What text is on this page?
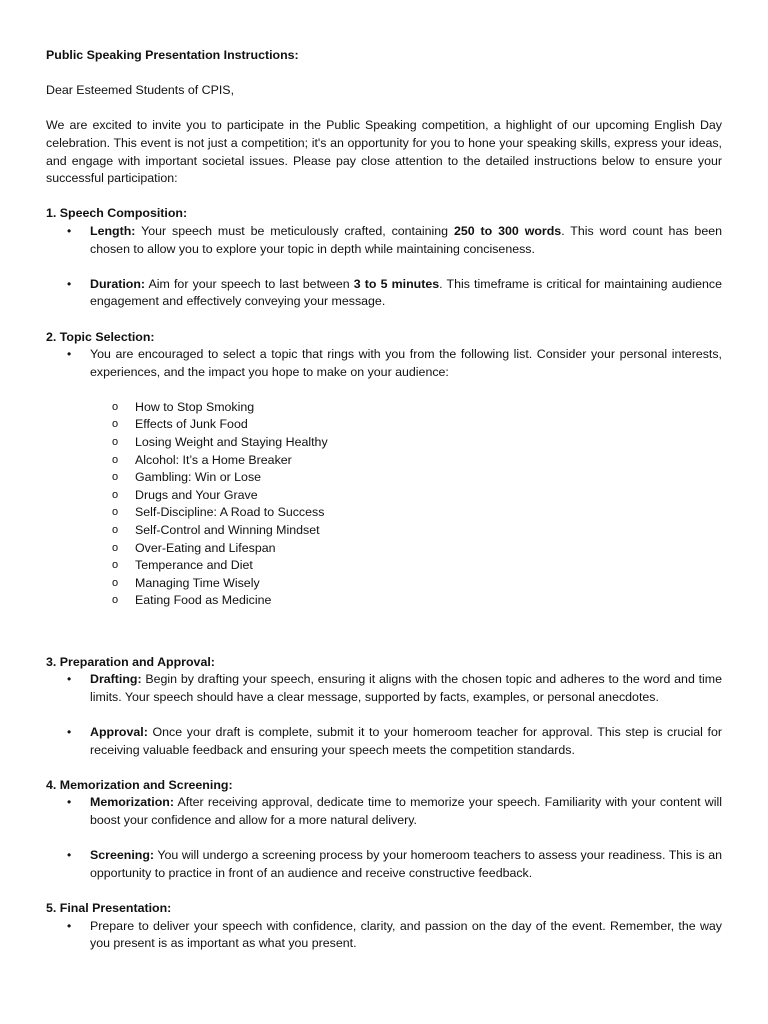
Public Speaking Presentation Instructions:

Dear Esteemed Students of CPIS,

We are excited to invite you to participate in the Public Speaking competition, a highlight of our upcoming English Day celebration. This event is not just a competition; it's an opportunity for you to hone your speaking skills, express your ideas, and engage with important societal issues. Please pay close attention to the detailed instructions below to ensure your successful participation:

1. Speech Composition:

• Length: Your speech must be meticulously crafted, containing 250 to 300 words. This word count has been chosen to allow you to explore your topic in depth while maintaining conciseness.
• Duration: Aim for your speech to last between 3 to 5 minutes. This timeframe is critical for maintaining audience engagement and effectively conveying your message.

2. Topic Selection:

• You are encouraged to select a topic that rings with you from the following list. Consider your personal interests, experiences, and the impact you hope to make on your audience:
o How to Stop Smoking
o Effects of Junk Food
o Losing Weight and Staying Healthy
o Alcohol: It’s a Home Breaker
o Gambling: Win or Lose
o Drugs and Your Grave
o Self-Discipline: A Road to Success
o Self-Control and Winning Mindset
o Over-Eating and Lifespan
o Temperance and Diet
o Managing Time Wisely
o Eating Food as Medicine

3. Preparation and Approval:

• Drafting: Begin by drafting your speech, ensuring it aligns with the chosen topic and adheres to the word and time limits. Your speech should have a clear message, supported by facts, examples, or personal anecdotes.
• Approval: Once your draft is complete, submit it to your homeroom teacher for approval. This step is crucial for receiving valuable feedback and ensuring your speech meets the competition standards.

4. Memorization and Screening:

• Memorization: After receiving approval, dedicate time to memorize your speech. Familiarity with your content will boost your confidence and allow for a more natural delivery.
• Screening: You will undergo a screening process by your homeroom teachers to assess your readiness. This is an opportunity to practice in front of an audience and receive constructive feedback.

5. Final Presentation:

• Prepare to deliver your speech with confidence, clarity, and passion on the day of the event. Remember, the way you present is as important as what you present.
